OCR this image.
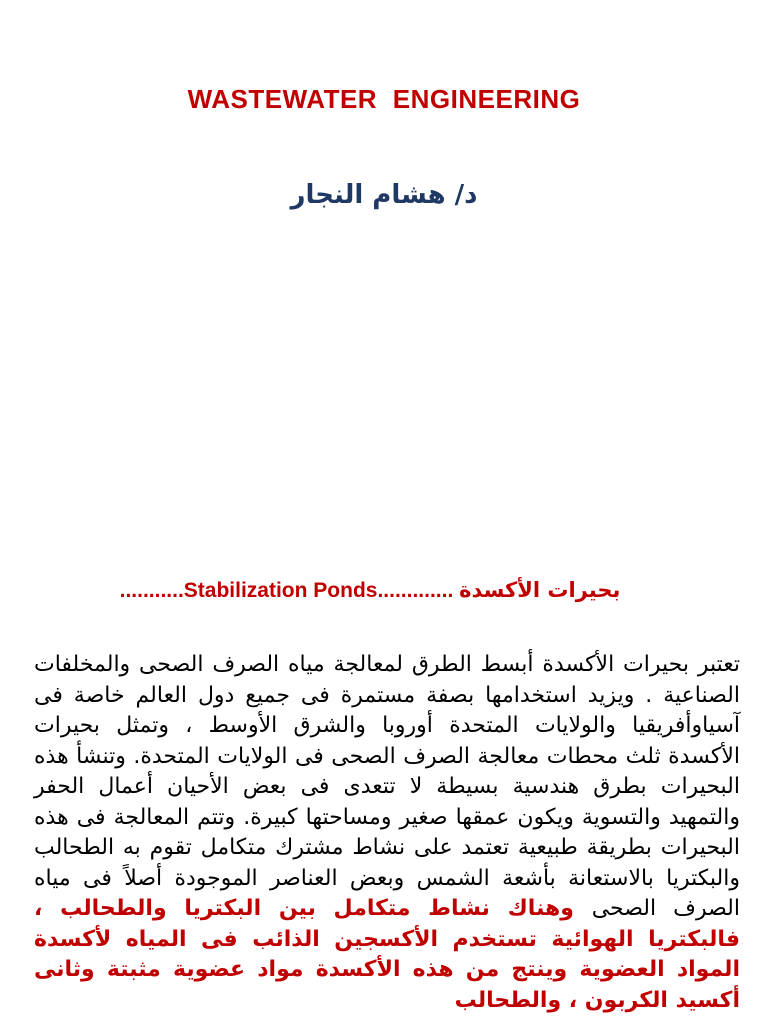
WASTEWATER ENGINEERING
د/ هشام النجار
...........Stabilization Ponds............. بحيرات الأكسدة
تعتبر بحيرات الأكسدة أبسط الطرق لمعالجة مياه الصرف الصحى والمخلفات الصناعية . ويزيد استخدامها بصفة مستمرة فى جميع دول العالم خاصة فى آسياوأفريقيا والولايات المتحدة أوروبا والشرق الأوسط ، وتمثل بحيرات الأكسدة ثلث محطات معالجة الصرف الصحى فى الولايات المتحدة. وتنشأ هذه البحيرات بطرق هندسية بسيطة لا تتعدى فى بعض الأحيان أعمال الحفر والتمهيد والتسوية ويكون عمقها صغير ومساحتها كبيرة. وتتم المعالجة فى هذه البحيرات بطريقة طبيعية تعتمد على نشاط مشترك متكامل تقوم به الطحالب والبكتريا بالاستعانة بأشعة الشمس وبعض العناصر الموجودة أصلاً فى مياه الصرف الصحى وهناك نشاط متكامل بين البكتريا والطحالب ، فالبكتريا الهوائية تستخدم الأكسجين الذائب فى المياه لأكسدة المواد العضوية وينتج من هذه الأكسدة مواد عضوية مثبتة وثانى أكسيد الكربون ، والطحالب
